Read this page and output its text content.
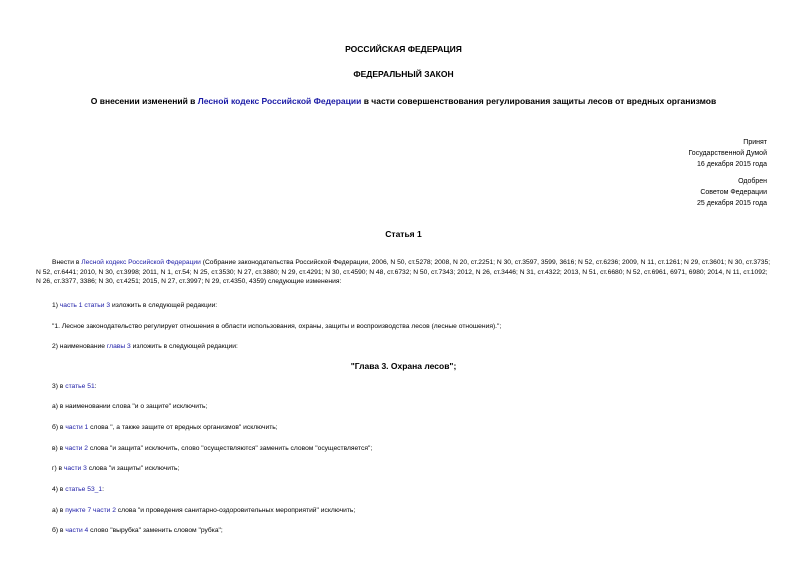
РОССИЙСКАЯ ФЕДЕРАЦИЯ
ФЕДЕРАЛЬНЫЙ ЗАКОН
О внесении изменений в Лесной кодекс Российской Федерации в части совершенствования регулирования защиты лесов от вредных организмов
Принят
Государственной Думой
16 декабря 2015 года
Одобрен
Советом Федерации
25 декабря 2015 года
Статья 1
Внести в Лесной кодекс Российской Федерации (Собрание законодательства Российской Федерации, 2006, N 50, ст.5278; 2008, N 20, ст.2251; N 30, ст.3597, 3599, 3616; N 52, ст.6236; 2009, N 11, ст.1261; N 29, ст.3601; N 30, ст.3735; N 52, ст.6441; 2010, N 30, ст.3998; 2011, N 1, ст.54; N 25, ст.3530; N 27, ст.3880; N 29, ст.4291; N 30, ст.4590; N 48, ст.6732; N 50, ст.7343; 2012, N 26, ст.3446; N 31, ст.4322; 2013, N 51, ст.6680; N 52, ст.6961, 6971, 6980; 2014, N 11, ст.1092; N 26, ст.3377, 3386; N 30, ст.4251; 2015, N 27, ст.3997; N 29, ст.4350, 4359) следующие изменения:
1) часть 1 статьи 3 изложить в следующей редакции:
"1. Лесное законодательство регулирует отношения в области использования, охраны, защиты и воспроизводства лесов (лесные отношения).";
2) наименование главы 3 изложить в следующей редакции:
"Глава 3. Охрана лесов";
3) в статье 51:
а) в наименовании слова "и о защите" исключить;
б) в части 1 слова ", а также защите от вредных организмов" исключить;
в) в части 2 слова "и защита" исключить, слово "осуществляются" заменить словом "осуществляется";
г) в части 3 слова "и защиты" исключить;
4) в статье 53_1:
а) в пункте 7 части 2 слова "и проведения санитарно-оздоровительных мероприятий" исключить;
б) в части 4 слово "вырубка" заменить словом "рубка";
